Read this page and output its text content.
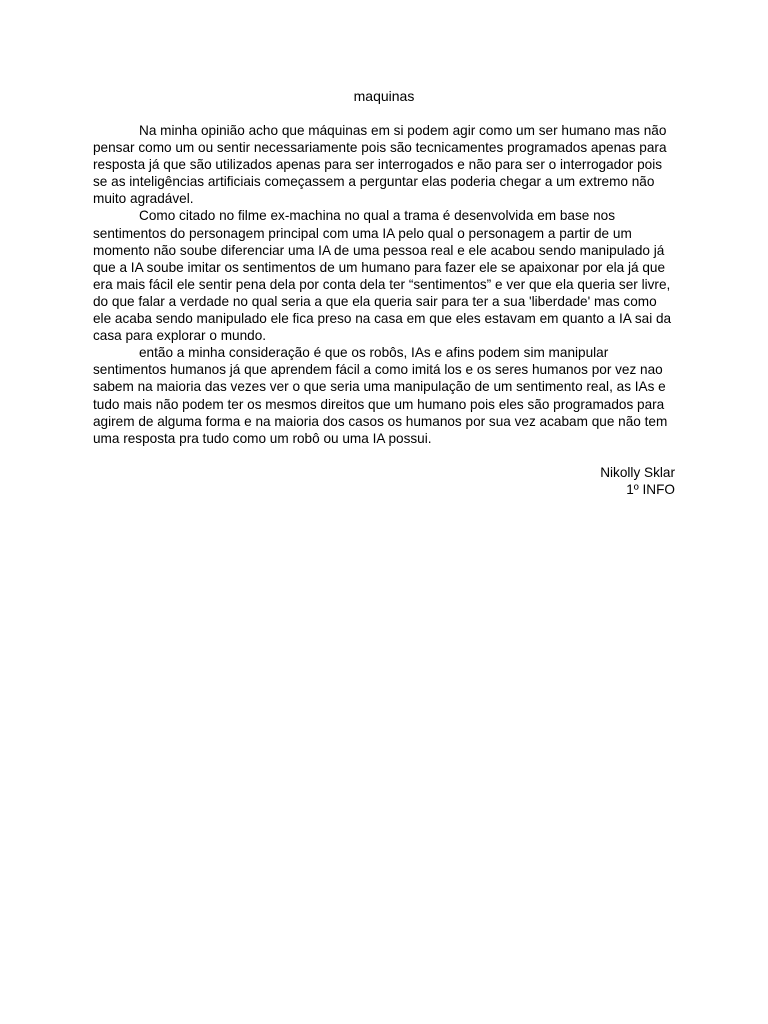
maquinas

Na minha opinião acho que máquinas em si podem agir como um ser humano mas não pensar como um ou sentir necessariamente pois são tecnicamentes programados apenas para resposta já que são utilizados apenas para ser interrogados e não para ser o interrogador pois se as inteligências artificiais começassem a perguntar elas poderia chegar a um extremo não muito agradável.

Como citado no filme ex-machina no qual a trama é desenvolvida em base nos sentimentos do personagem principal com uma IA pelo qual o personagem a partir de um momento não soube diferenciar uma IA de uma pessoa real e ele acabou sendo manipulado já que a IA soube imitar os sentimentos de um humano para fazer ele se apaixonar por ela já que era mais fácil ele sentir pena dela por conta dela ter “sentimentos” e ver que ela queria ser livre, do que falar a verdade no qual seria a que ela queria sair para ter a sua 'liberdade' mas como ele acaba sendo manipulado ele fica preso na casa em que eles estavam em quanto a IA sai da casa para explorar o mundo.

então a minha consideração é que os robôs, IAs e afins podem sim manipular sentimentos humanos já que aprendem fácil a como imitá los e os seres humanos por vez nao sabem na maioria das vezes ver o que seria uma manipulação de um sentimento real, as IAs e tudo mais não podem ter os mesmos direitos que um humano pois eles são programados para agirem de alguma forma e na maioria dos casos os humanos por sua vez acabam que não tem uma resposta pra tudo como um robô ou uma IA possui.

Nikolly Sklar
1º INFO
